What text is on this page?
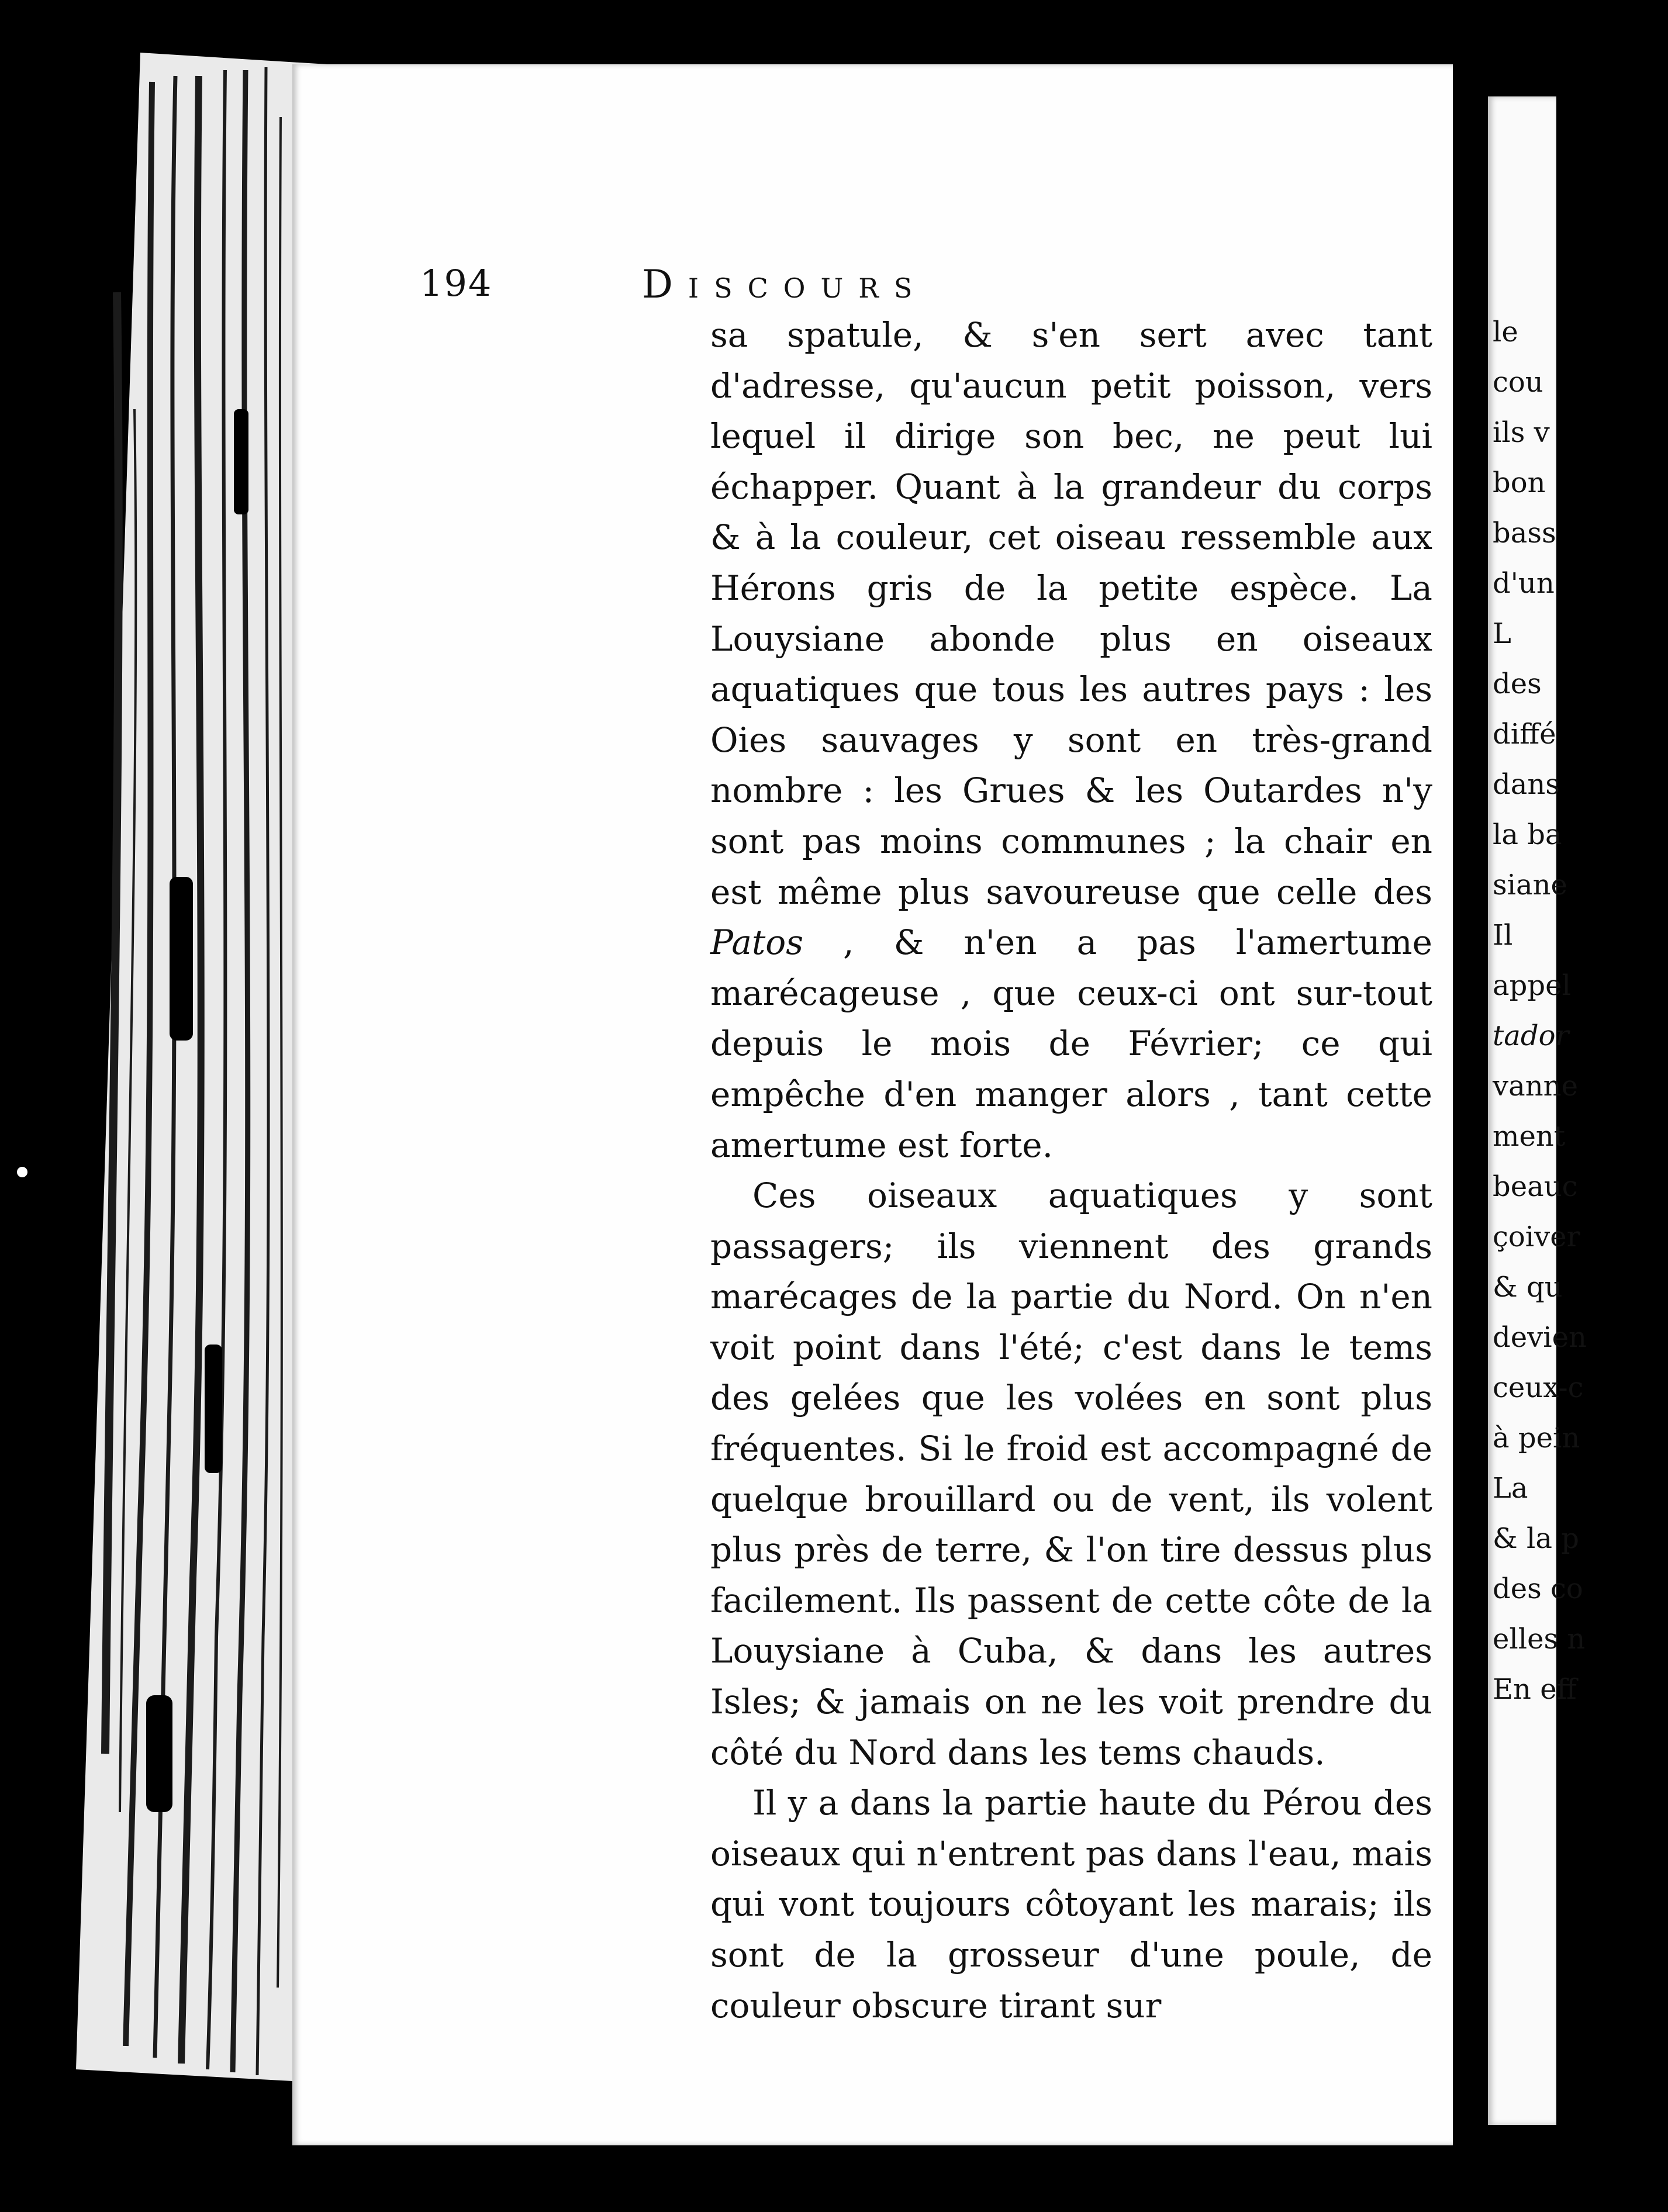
le
cou
ils v
bon
bass
d'un
L
des
diffé
dans
la ba
siane
Il
appel
tador
vanne
ment
beauc
çoiver
& qu
devien
ceux-c
à pein
La
& la p
des co
elles n
En eff
194	Discours

sa spatule, & s'en sert avec tant d'adresse, qu'aucun petit poisson, vers lequel il dirige son bec, ne peut lui échapper. Quant à la grandeur du corps & à la couleur, cet oiseau ressemble aux Hérons gris de la petite espèce. La Louysiane abonde plus en oiseaux aquatiques que tous les autres pays : les Oies sauvages y sont en très-grand nombre : les Grues & les Outardes n'y sont pas moins communes ; la chair en est même plus savoureuse que celle des Patos , & n'en a pas l'amertume marécageuse , que ceux-ci ont sur-tout depuis le mois de Février; ce qui empêche d'en manger alors , tant cette amertume est forte.

Ces oiseaux aquatiques y sont passagers; ils viennent des grands marécages de la partie du Nord. On n'en voit point dans l'été; c'est dans le tems des gelées que les volées en sont plus fréquentes. Si le froid est accompagné de quelque brouillard ou de vent, ils volent plus près de terre, & l'on tire dessus plus facilement. Ils passent de cette côte de la Louysiane à Cuba, & dans les autres Isles; & jamais on ne les voit prendre du côté du Nord dans les tems chauds.

Il y a dans la partie haute du Pérou des oiseaux qui n'entrent pas dans l'eau, mais qui vont toujours côtoyant les marais; ils sont de la grosseur d'une poule, de couleur obscure tirant sur
